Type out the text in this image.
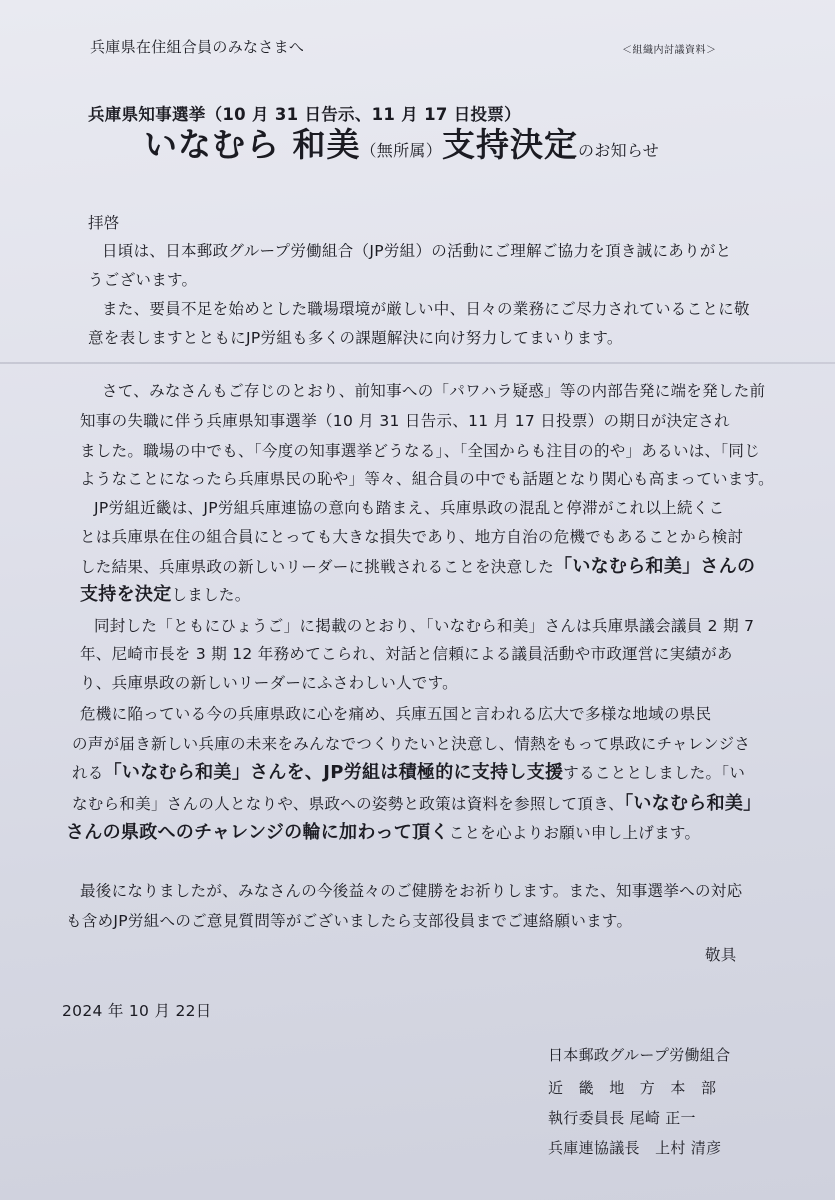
兵庫県在住組合員のみなさまへ	＜組織内討議資料＞
兵庫県知事選挙（10 月 31 日告示、11 月 17 日投票）
いなむら 和美（無所属）支持決定のお知らせ
拝啓
日頃は、日本郵政グループ労働組合（JP労組）の活動にご理解ご協力を頂き誠にありがと
うございます。
また、要員不足を始めとした職場環境が厳しい中、日々の業務にご尽力されていることに敬
意を表しますとともにJP労組も多くの課題解決に向け努力してまいります。
さて、みなさんもご存じのとおり、前知事への「パワハラ疑惑」等の内部告発に端を発した前
知事の失職に伴う兵庫県知事選挙（10 月 31 日告示、11 月 17 日投票）の期日が決定され
ました。職場の中でも、「今度の知事選挙どうなる」、「全国からも注目の的や」あるいは、「同じ
ようなことになったら兵庫県民の恥や」等々、組合員の中でも話題となり関心も高まっています。
JP労組近畿は、JP労組兵庫連協の意向も踏まえ、兵庫県政の混乱と停滞がこれ以上続くこ
とは兵庫県在住の組合員にとっても大きな損失であり、地方自治の危機でもあることから検討
した結果、兵庫県政の新しいリーダーに挑戦されることを決意した「いなむら和美」さんの
支持を決定しました。
同封した「ともにひょうご」に掲載のとおり、「いなむら和美」さんは兵庫県議会議員 2 期 7
年、尼崎市長を 3 期 12 年務めてこられ、対話と信頼による議員活動や市政運営に実績があ
り、兵庫県政の新しいリーダーにふさわしい人です。
危機に陥っている今の兵庫県政に心を痛め、兵庫五国と言われる広大で多様な地域の県民
の声が届き新しい兵庫の未来をみんなでつくりたいと決意し、情熱をもって県政にチャレンジさ
れる「いなむら和美」さんを、JP労組は積極的に支持し支援することとしました。「い
なむら和美」さんの人となりや、県政への姿勢と政策は資料を参照して頂き、「いなむら和美」
さんの県政へのチャレンジの輪に加わって頂くことを心よりお願い申し上げます。
最後になりましたが、みなさんの今後益々のご健勝をお祈りします。また、知事選挙への対応
も含めJP労組へのご意見質問等がございましたら支部役員までご連絡願います。
敬具
2024 年 10 月 22日
日本郵政グループ労働組合
近　畿　地　方　本　部
執行委員長 尾崎 正一
兵庫連協議長　上村 清彦
